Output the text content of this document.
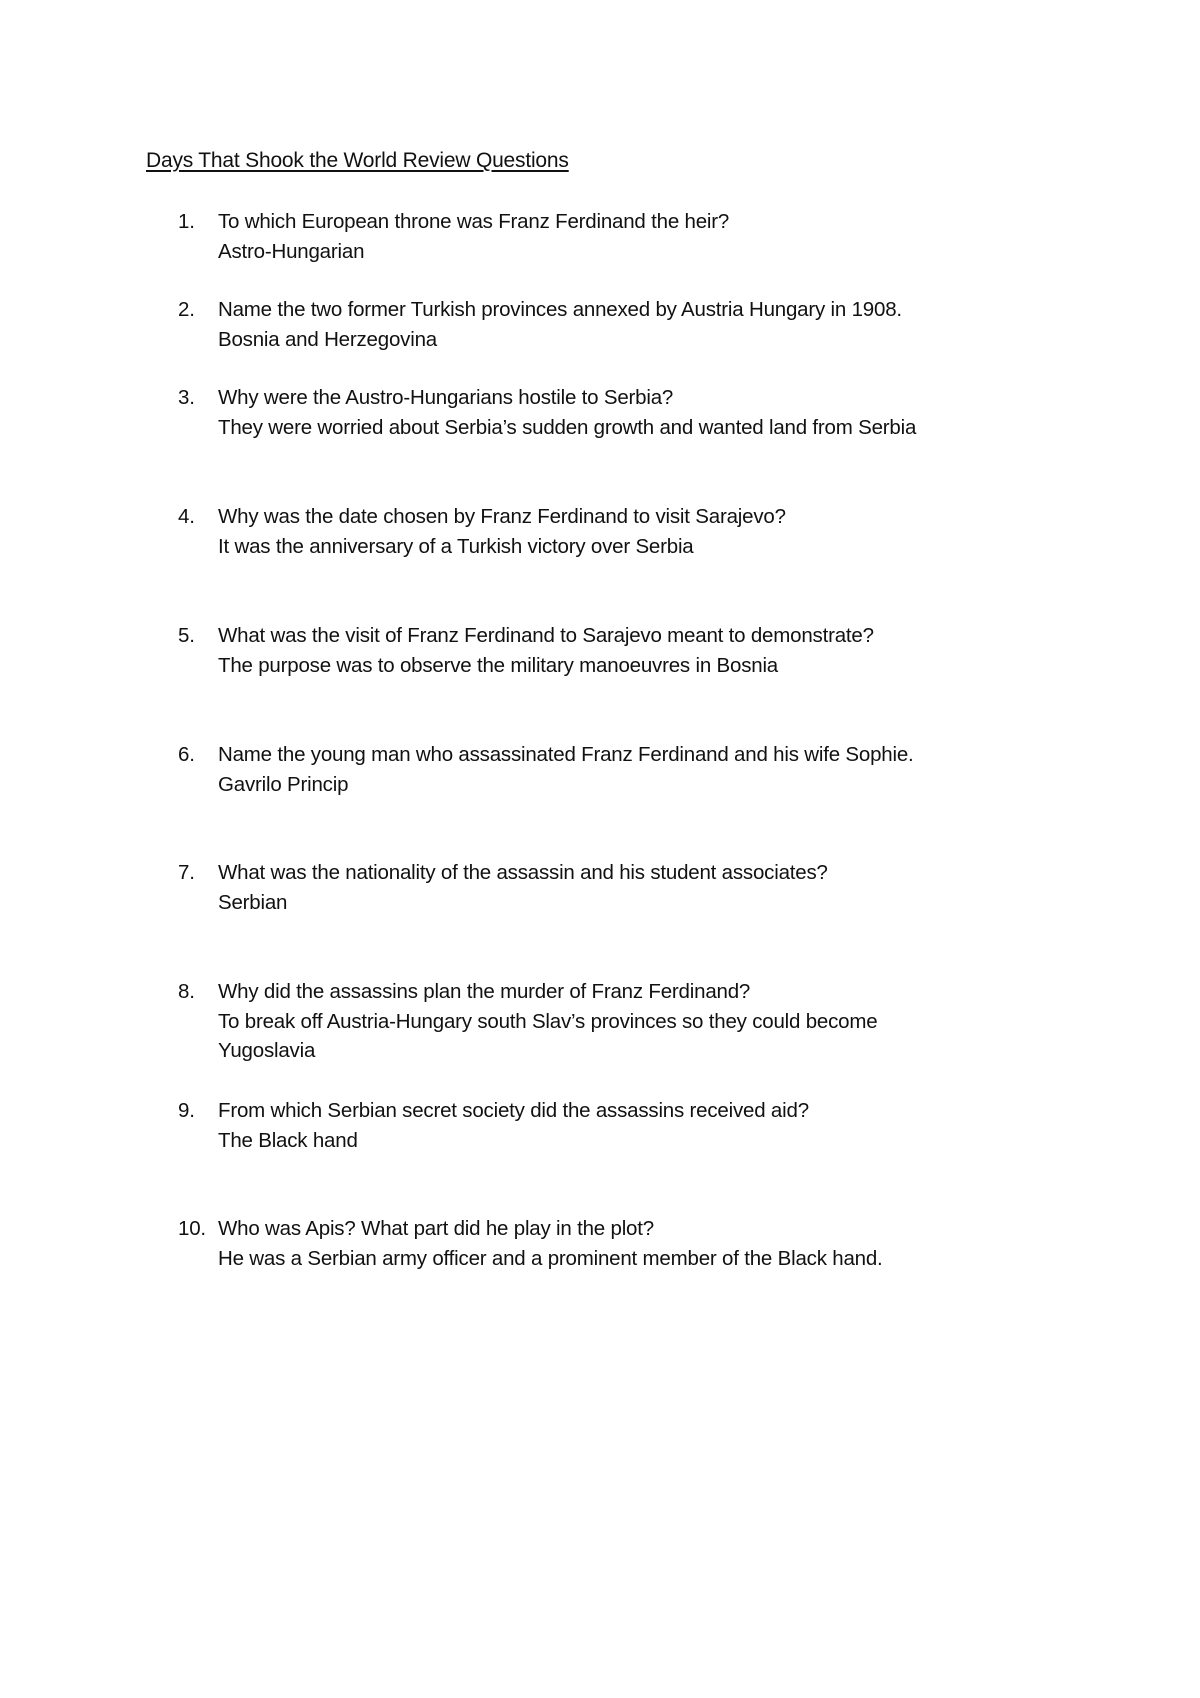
Days That Shook the World Review Questions
1. To which European throne was Franz Ferdinand the heir?
Astro-Hungarian
2. Name the two former Turkish provinces annexed by Austria Hungary in 1908.
Bosnia and Herzegovina
3. Why were the Austro-Hungarians hostile to Serbia?
They were worried about Serbia’s sudden growth and wanted land from Serbia
4. Why was the date chosen by Franz Ferdinand to visit Sarajevo?
It was the anniversary of a Turkish victory over Serbia
5. What was the visit of Franz Ferdinand to Sarajevo meant to demonstrate?
The purpose was to observe the military manoeuvres in Bosnia
6. Name the young man who assassinated Franz Ferdinand and his wife Sophie.
Gavrilo Princip
7. What was the nationality of the assassin and his student associates?
Serbian
8. Why did the assassins plan the murder of Franz Ferdinand?
To break off Austria-Hungary south Slav’s provinces so they could become Yugoslavia
9. From which Serbian secret society did the assassins received aid?
The Black hand
10. Who was Apis? What part did he play in the plot?
He was a Serbian army officer and a prominent member of the Black hand.
